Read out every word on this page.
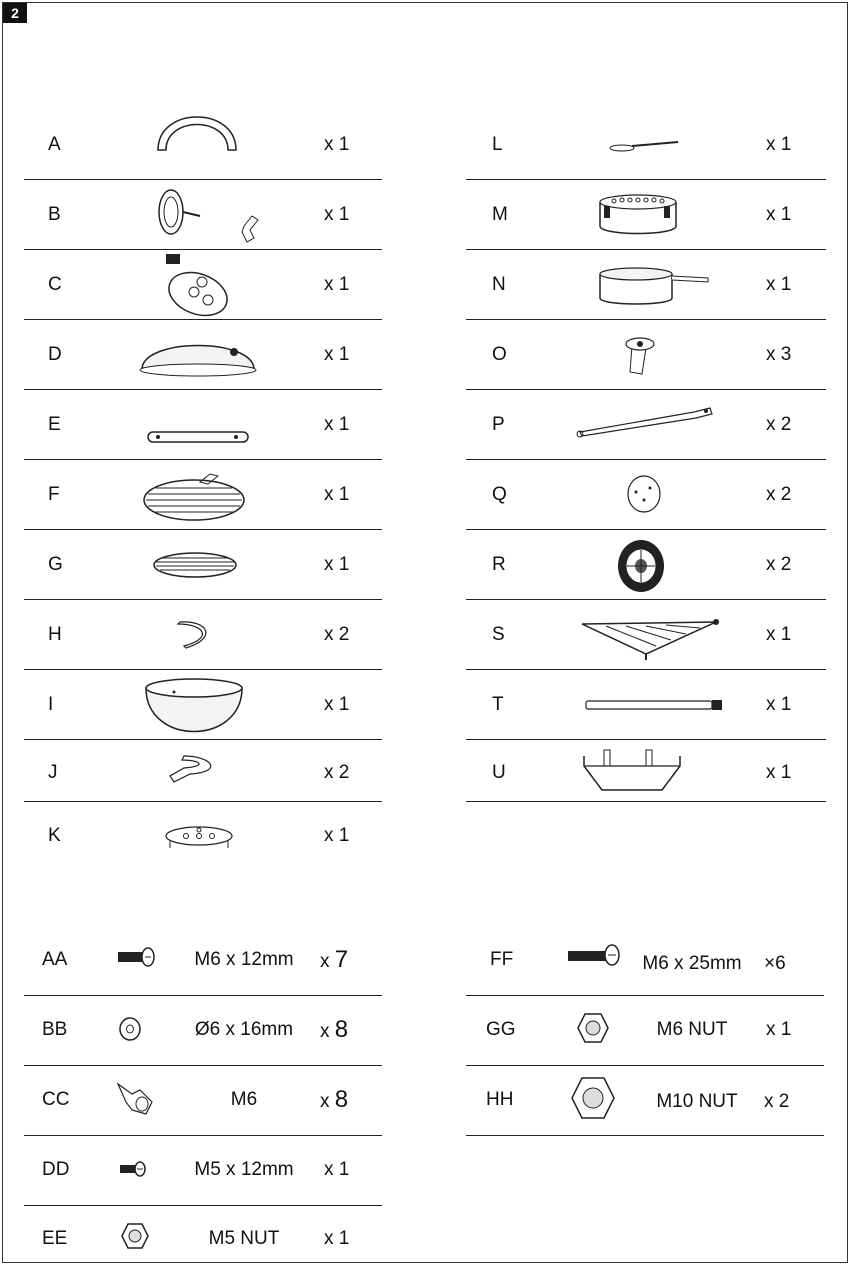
2
A	x 1
B	x 1
C	x 1
D	x 1
E	x 1
F	x 1
G	x 1
H	x 2
I	x 1
J	x 2
K	x 1
L	x 1
M	x 1
N	x 1
O	x 3
P	x 2
Q	x 2
R	x 2
S	x 1
T	x 1
U	x 1
AA	M6 x 12mm	x 7
BB	Ø6 x 16mm	x 8
CC	M6	x 8
DD	M5 x 12mm	x 1
EE	M5 NUT	x 1
FF	M6 x 25mm	×6
GG	M6 NUT	x 1
HH	M10 NUT	x 2
